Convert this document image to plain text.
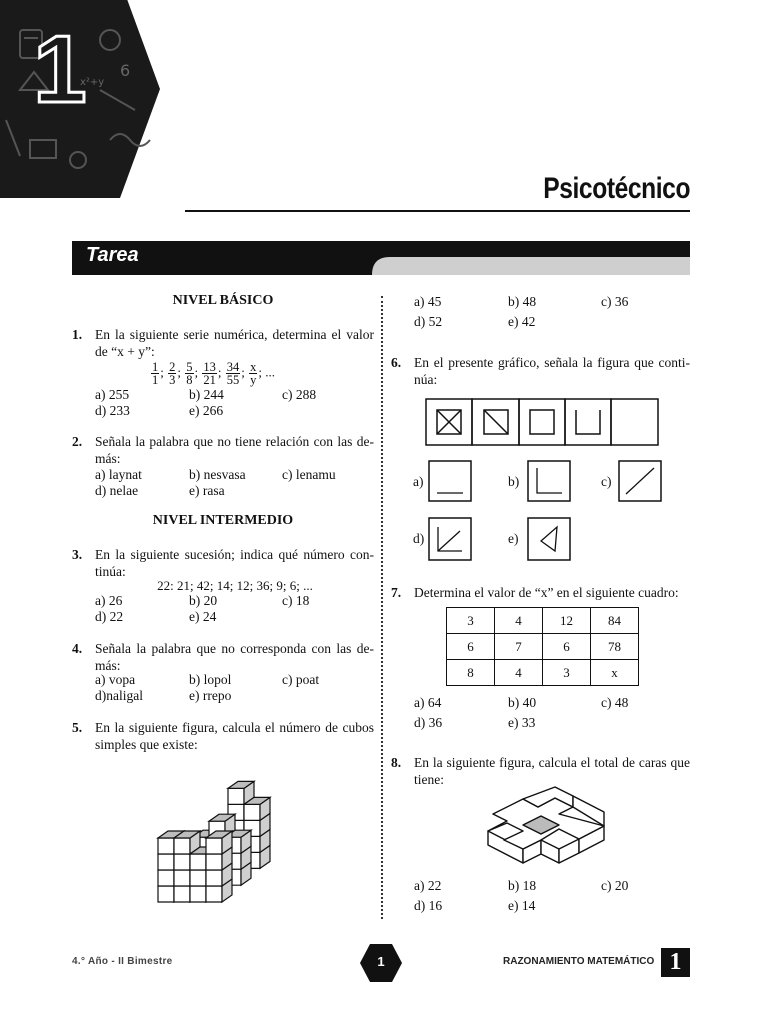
6
x²+y
1
Psicotécnico
Tarea
NIVEL BÁSICO
1. En la siguiente serie numérica, determina el valor de “x + y”:
$\frac{1}{1}$ ; $\frac{2}{3}$ ; $\frac{5}{8}$ ; $\frac{13}{21}$ ; $\frac{34}{55}$ ; $\frac{x}{y}$ ; ...
a) 255	b) 244	c) 288
d) 233	e) 266
2. Señala la palabra que no tiene relación con las de-más:
a) laynat	b) nesvasa	c) lenamu
d) nelae	e) rasa
NIVEL INTERMEDIO
3. En la siguiente sucesión; indica qué número con-tinúa:
22: 21; 42; 14; 12; 36; 9; 6; ...
a) 26	b) 20	c) 18
d) 22	e) 24
4. Señala la palabra que no corresponda con las de-más:
a) vopa	b) lopol	c) poat
d)naligal	e) rrepo
5. En la siguiente figura, calcula el número de cubos simples que existe:
a) 45	b) 48	c) 36
d) 52	e) 42
6. En el presente gráfico, señala la figura que conti-núa:
a)	b)	c)
d)	e)
7. Determina el valor de “x” en el siguiente cuadro:
3	4	12	84
6	7	6	78
8	4	3	x
a) 64	b) 40	c) 48
d) 36	e) 33
8. En la siguiente figura, calcula el total de caras que tiene:
a) 22	b) 18	c) 20
d) 16	e) 14
4.° Año - II Bimestre	1	RAZONAMIENTO MATEMÁTICO 1
